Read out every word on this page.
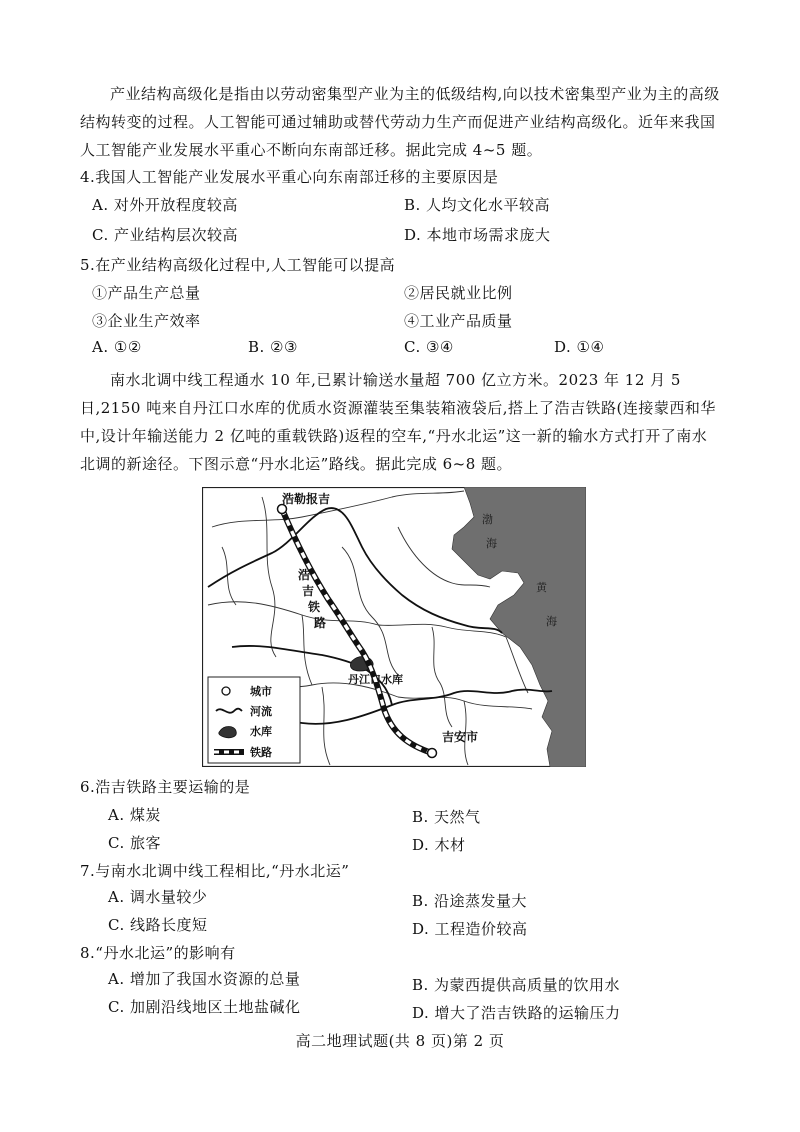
产业结构高级化是指由以劳动密集型产业为主的低级结构,向以技术密集型产业为主的高级结构转变的过程。人工智能可通过辅助或替代劳动力生产而促进产业结构高级化。近年来我国人工智能产业发展水平重心不断向东南部迁移。据此完成 4~5 题。

4.我国人工智能产业发展水平重心向东南部迁移的主要原因是
A. 对外开放程度较高	B. 人均文化水平较高
C. 产业结构层次较高	D. 本地市场需求庞大
5.在产业结构高级化过程中,人工智能可以提高
①产品生产总量	②居民就业比例
③企业生产效率	④工业产品质量
A. ①②	B. ②③	C. ③④	D. ①④

南水北调中线工程通水 10 年,已累计输送水量超 700 亿立方米。2023 年 12 月 5 日,2150 吨来自丹江口水库的优质水资源灌装至集装箱液袋后,搭上了浩吉铁路(连接蒙西和华中,设计年输送能力 2 亿吨的重载铁路)返程的空车,“丹水北运”这一新的输水方式打开了南水北调的新途径。下图示意“丹水北运”路线。据此完成 6~8 题。

浩勒报吉
吉安市
丹江口水库
浩
吉
铁
路
渤
海
黄
海
城市
河流
水库
铁路
6.浩吉铁路主要运输的是
A. 煤炭	B. 天然气
C. 旅客	D. 木材
7.与南水北调中线工程相比,“丹水北运”
A. 调水量较少	B. 沿途蒸发量大
C. 线路长度短	D. 工程造价较高
8.“丹水北运”的影响有
A. 增加了我国水资源的总量	B. 为蒙西提供高质量的饮用水
C. 加剧沿线地区土地盐碱化	D. 增大了浩吉铁路的运输压力
高二地理试题(共 8 页)第 2 页
